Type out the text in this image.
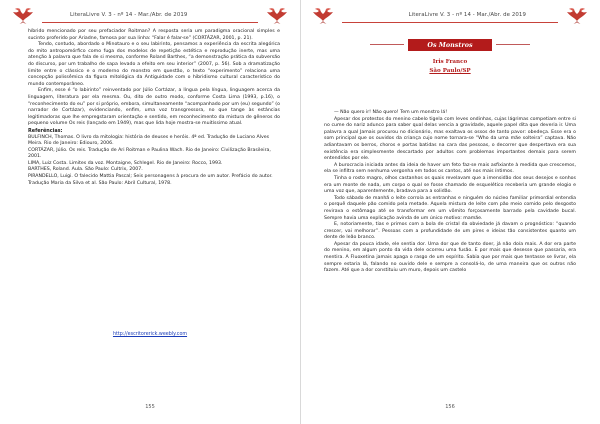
LiteraLivre V. 3 - nº 14 - Mar./Abr. de 2019

híbrido mencionado por seu prefaciador Roitman? A resposta seria um paradigma oracional simples e sucinto proferido por Ariadne, famosa por sua linha: “Falar é falar-se” (CORTÁZAR, 2001, p. 21).

Tendo, contudo, abordado o Minotauro e o seu labirinto, pensamos a experiência da escrita alegórica do mito antropomórfico como fuga dos modelos de repetição estética e reprodução inerte, mas uma atenção à palavra que fala de si mesma, conforme Roland Barthes, “a demonstração prática da subversão do discurso, por um trabalho de sapa levado a efeito em seu interior” (2007, p. 56). Sob a dramatização limite entre o clássico e o moderno do monstro em questão, o texto “experimento” relaciona uma concepção polissêmica da figura mitológica da Antiguidade com o hibridismo cultural característico do mundo contemporâneo.

Enfim, esse é “o labirinto” reinventado por Júlio Cortázar, a língua pela língua, linguagem acerca da linguagem, literatura por ela mesma. Ou, dito de outro modo, conforme Costa Lima (1993, p.16), o “reconhecimento do eu” por si próprio, embora, simultaneamente “acompanhado por um (eu) segundo” (o narrador de Cortázar), evidenciando, enfim, uma voz transgressora, no que tange às estâncias legitimadoras que lhe empregstaram orientação e sentido, em reconhecimento da mistura de gêneros do pequeno volume Os reis (lançado em 1949), mas que lida hoje mostra-se muitíssimo atual.

Referências:

BULFINCH, Thomas. O livro da mitologia: história de deuses e heróis. 4ª ed. Tradução de Luciano Alves Meira. Rio de Janeiro: Ediouro, 2006.

CORTÁZAR, Júlio. Os reis. Tradução de Ari Roitman e Paulina Wach. Rio de Janeiro: Civilização Brasileira, 2001.

LIMA, Luiz Costa. Limites da voz. Montaigne, Schlegel. Rio de Janeiro: Rocco, 1993.

BARTHES, Roland. Aula. São Paulo: Cultrix, 2007.

PIRANDELLO, Luigi. O falecido Mattia Pascal; Seis personagens à procura de um autor. Prefácio do autor. Tradução Maria da Silva et al. São Paulo: Abril Cultural, 1978.

http://escritorerick.weebly.com
155
LiteraLivre V. 3 - nº 14 - Mar./Abr. de 2019
Os Monstros
Iris Franco
São Paulo/SP

— Não quero ir! Não quero! Tem um monstro lá!

Apesar dos protestos do menino cabelo tigela com leves ondinhas, cujas lágrimas competiam entre si no cume do nariz adunco para saber qual delas vencia a gravidade, aquele papel dita que deveria ir. Uma palavra a qual Jamais procurou no dicionário, mas exaltava os ossos de tanto pavor: obedeça. Esse era o som principal que os ouvidos da criança cujo nome tornara-se “Who da uma mãe solteira” captava. Não adiantavam os berros, choros e portas batidas na cara das pessoas, o decorrer que despertava era sua existência era simplesmente descartado por adultos com problemas importantes demais para serem entendidos por ele.

A burocracia iniciada antes da ideia de haver um feto faz-se mais asfixiante à medida que crescemos, ela se infiltra sem nenhuma vergonha em todos os cantos, até nos mais íntimos.

Tinha o rosto magro, olhos castanhos os quais revelavam que a imensidão dos seus desejos e sonhos era um monte de nada, um corpo o qual se fosse chamado de esquelético receberia um grande elogio e uma voz que, aparentemente, bradava para a solidão.

Todo sábado de manhã o leite corroía as entranhas e ninguém do núcleo familiar primordial entendia o porquê daquele pão comido pela metade. Aquela mistura de leite com pão meio comido pelo desgosto revirava o estômago até se transformar em um vômito forçosamente barrado pela cavidade bucal. Sempre havia uma explicação avinda de um único motivo: mamãe.

E, notoriamente, tias e primos com a bola de cristal da obviedade já davam o prognóstico: “quando crescer, vai melhorar”. Pessoas com a profundidade de um pires e ideias tão consistentes quanto um dente de leão branco.

Apesar da pouca idade, ele sentia dor. Uma dor que de tanto doer, já não doía mais. A dor era parte do menino, em algum ponto da vida dele ocorreu uma fusão. E por mais que desesse que passaria, era mentira. A Fluoxetina jamais apaga o rasgo de um espírito. Sabia que por mais que tentasse se livrar, ela sempre estaria lá, falando no ouvido dele e sempre a consolá-lo, de uma maneira que os outros não fazem. Até que a dor constituiu um muro, depois um castelo

156
